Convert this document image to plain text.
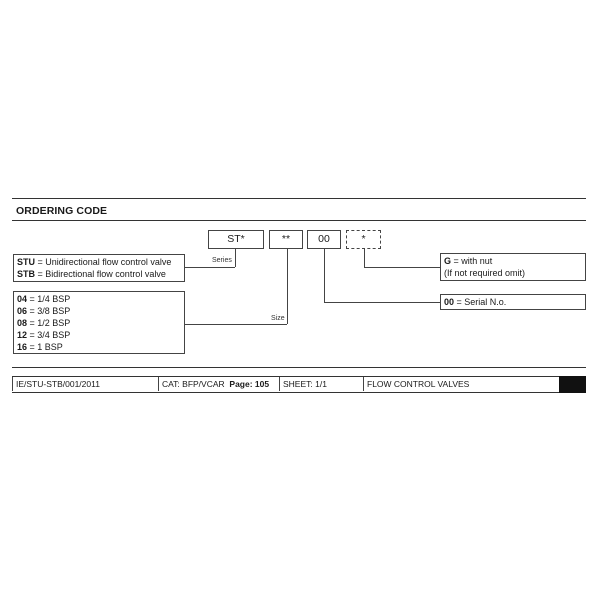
ORDERING CODE
ST*	**	00	*
STU = Unidirectional flow control valve
STB = Bidirectional flow control valve
Series
04 = 1/4 BSP
06 = 3/8 BSP
08 = 1/2 BSP
12 = 3/4 BSP
16 = 1 BSP
Size
G = with nut
(If not required omit)
00 = Serial N.o.
IE/STU-STB/001/2011	CAT: BFP/VCAR Page: 105 SHEET: 1/1	FLOW CONTROL VALVES
